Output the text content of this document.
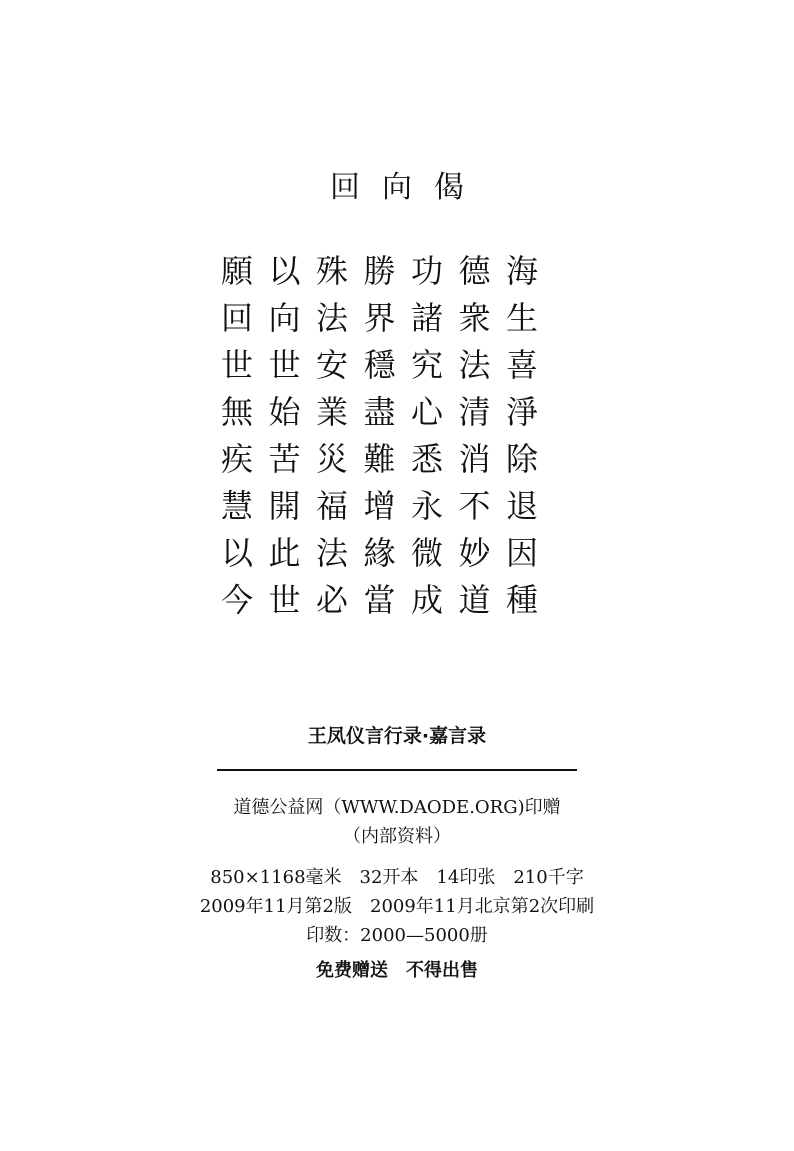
回向偈
願以殊勝功德海
回向法界諸衆生
世世安穩究法喜
無始業盡心清淨
疾苦災難悉消除
慧開福增永不退
以此法緣微妙因
今世必當成道種
王凤仪言行录·嘉言录
道德公益网（WWW.DAODE.ORG)印赠
（内部资料）
850×1168毫米　32开本　14印张　210千字
2009年11月第2版　2009年11月北京第2次印刷
印数：2000—5000册
免费赠送　不得出售
